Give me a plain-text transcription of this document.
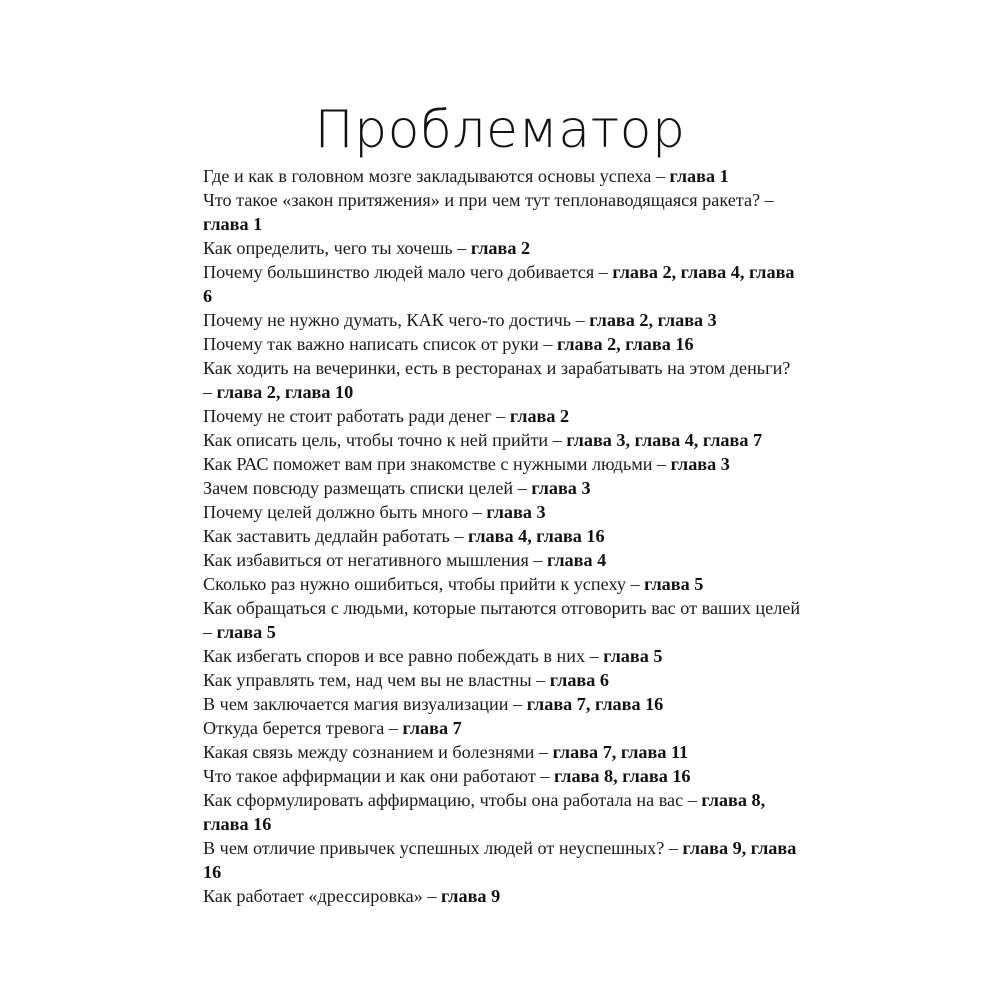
Проблематор
Где и как в головном мозге закладываются основы успеха – глава 1
Что такое «закон притяжения» и при чем тут теплонаводящаяся ракета? – глава 1
Как определить, чего ты хочешь – глава 2
Почему большинство людей мало чего добивается – глава 2, глава 4, глава 6
Почему не нужно думать, КАК чего-то достичь – глава 2, глава 3
Почему так важно написать список от руки – глава 2, глава 16
Как ходить на вечеринки, есть в ресторанах и зарабатывать на этом деньги? – глава 2, глава 10
Почему не стоит работать ради денег – глава 2
Как описать цель, чтобы точно к ней прийти – глава 3, глава 4, глава 7
Как РАС поможет вам при знакомстве с нужными людьми – глава 3
Зачем повсюду размещать списки целей – глава 3
Почему целей должно быть много – глава 3
Как заставить дедлайн работать – глава 4, глава 16
Как избавиться от негативного мышления – глава 4
Сколько раз нужно ошибиться, чтобы прийти к успеху – глава 5
Как обращаться с людьми, которые пытаются отговорить вас от ваших целей – глава 5
Как избегать споров и все равно побеждать в них – глава 5
Как управлять тем, над чем вы не властны – глава 6
В чем заключается магия визуализации – глава 7, глава 16
Откуда берется тревога – глава 7
Какая связь между сознанием и болезнями – глава 7, глава 11
Что такое аффирмации и как они работают – глава 8, глава 16
Как сформулировать аффирмацию, чтобы она работала на вас – глава 8, глава 16
В чем отличие привычек успешных людей от неуспешных? – глава 9, глава 16
Как работает «дрессировка» – глава 9
